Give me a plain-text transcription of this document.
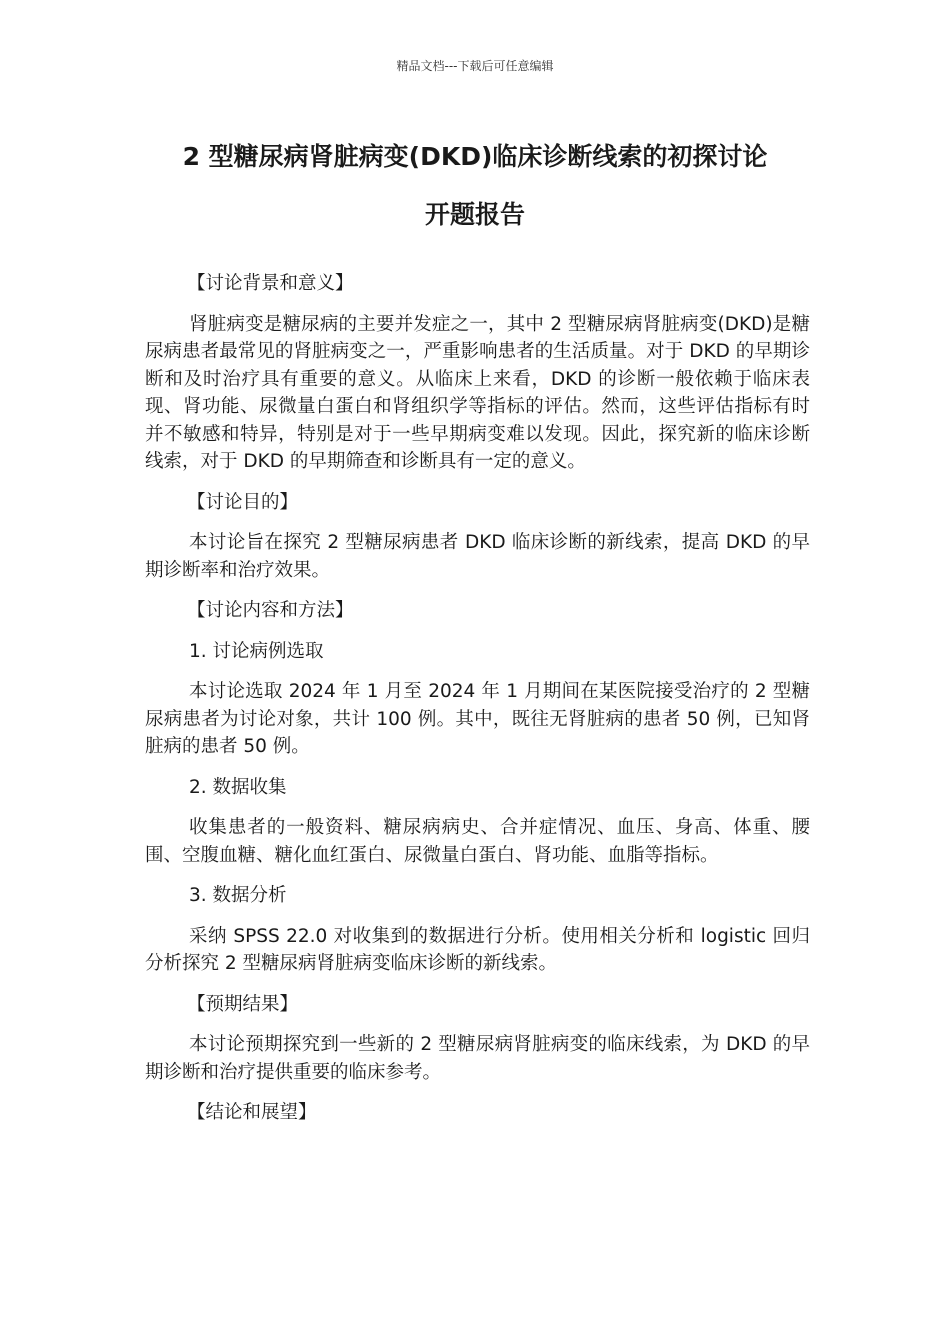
精品文档---下载后可任意编辑
2 型糖尿病肾脏病变(DKD)临床诊断线索的初探讨论
开题报告

【讨论背景和意义】

肾脏病变是糖尿病的主要并发症之一，其中 2 型糖尿病肾脏病变(DKD)是糖尿病患者最常见的肾脏病变之一，严重影响患者的生活质量。对于 DKD 的早期诊断和及时治疗具有重要的意义。从临床上来看，DKD 的诊断一般依赖于临床表现、肾功能、尿微量白蛋白和肾组织学等指标的评估。然而，这些评估指标有时并不敏感和特异，特别是对于一些早期病变难以发现。因此，探究新的临床诊断线索，对于 DKD 的早期筛查和诊断具有一定的意义。

【讨论目的】

本讨论旨在探究 2 型糖尿病患者 DKD 临床诊断的新线索，提高 DKD 的早期诊断率和治疗效果。

【讨论内容和方法】

1. 讨论病例选取

本讨论选取 2024 年 1 月至 2024 年 1 月期间在某医院接受治疗的 2 型糖尿病患者为讨论对象，共计 100 例。其中，既往无肾脏病的患者 50 例，已知肾脏病的患者 50 例。

2. 数据收集

收集患者的一般资料、糖尿病病史、合并症情况、血压、身高、体重、腰围、空腹血糖、糖化血红蛋白、尿微量白蛋白、肾功能、血脂等指标。

3. 数据分析

采纳 SPSS 22.0 对收集到的数据进行分析。使用相关分析和 logistic 回归分析探究 2 型糖尿病肾脏病变临床诊断的新线索。

【预期结果】

本讨论预期探究到一些新的 2 型糖尿病肾脏病变的临床线索，为 DKD 的早期诊断和治疗提供重要的临床参考。

【结论和展望】
